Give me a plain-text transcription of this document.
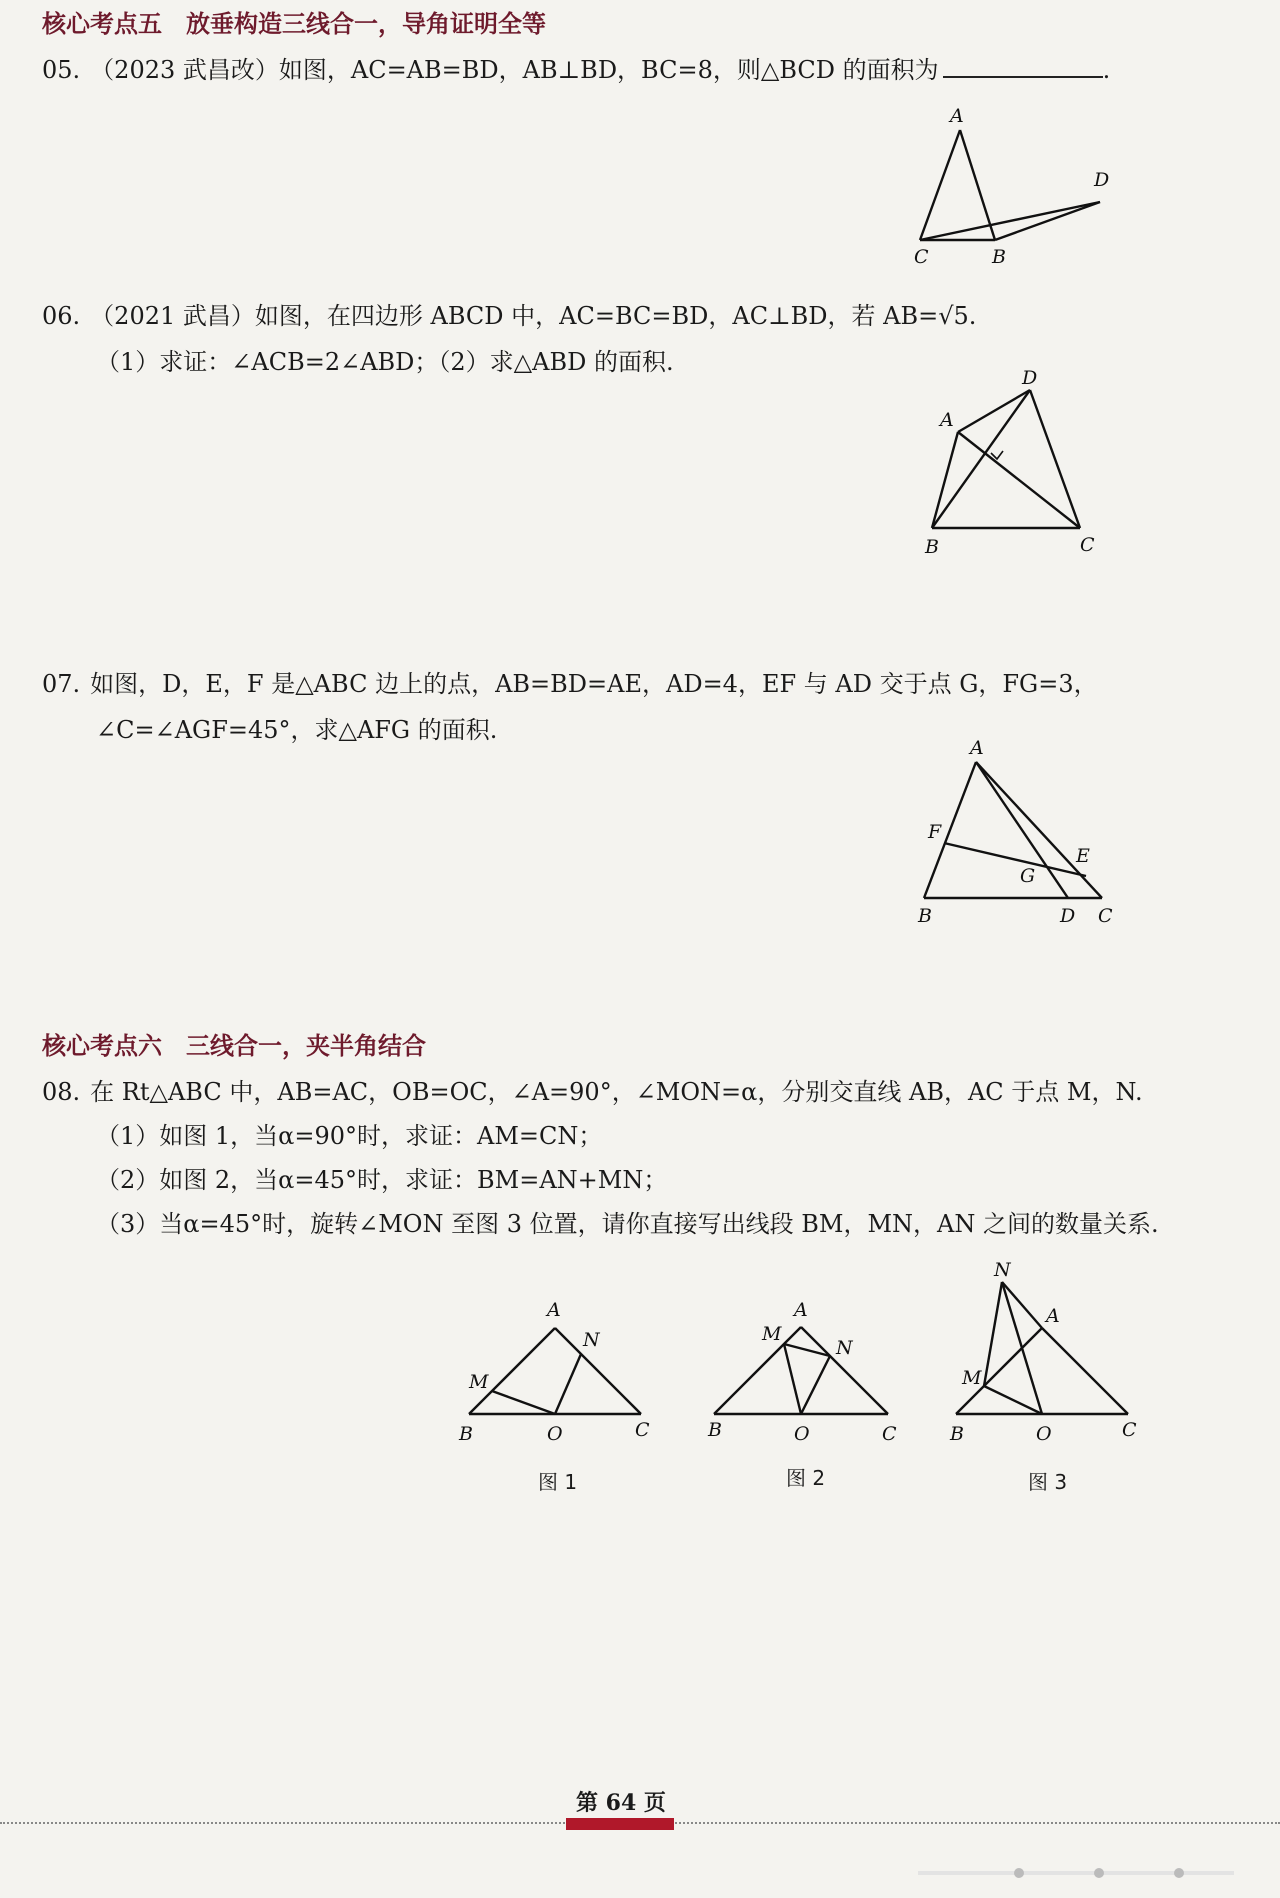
核心考点五　放垂构造三线合一，导角证明全等
05. （2023 武昌改）如图，AC=AB=BD，AB⊥BD，BC=8，则△BCD 的面积为	.
A
C	B
D
06. （2021 武昌）如图，在四边形 ABCD 中，AC=BC=BD，AC⊥BD，若 AB=√5.
（1）求证：∠ACB=2∠ABD；（2）求△ABD 的面积.
A
B	C
D
07. 如图，D，E，F 是△ABC 边上的点，AB=BD=AE，AD=4，EF 与 AD 交于点 G，FG=3，
∠C=∠AGF=45°，求△AFG 的面积.
A
F
G
E
B	D C
核心考点六　三线合一，夹半角结合
08. 在 Rt△ABC 中，AB=AC，OB=OC，∠A=90°，∠MON=α，分别交直线 AB，AC 于点 M，N.
（1）如图 1，当α=90°时，求证：AM=CN；
（2）如图 2，当α=45°时，求证：BM=AN+MN；
（3）当α=45°时，旋转∠MON 至图 3 位置，请你直接写出线段 BM，MN，AN 之间的数量关系.
A
N
M
B	O	C
图 1
A
M
N
B	O	C
图 2
N
A
M
B	O	C
图 3
第 64 页
